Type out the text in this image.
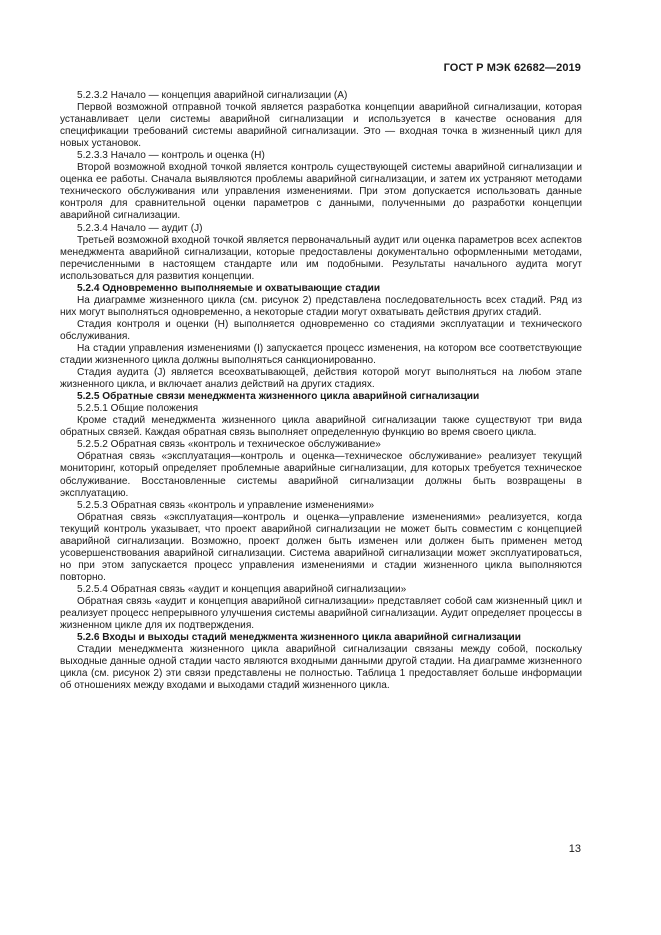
ГОСТ Р МЭК 62682—2019

5.2.3.2 Начало — концепция аварийной сигнализации (А)

Первой возможной отправной точкой является разработка концепции аварийной сигнализации, которая устанавливает цели системы аварийной сигнализации и используется в качестве основания для спецификации требований системы аварийной сигнализации. Это — входная точка в жизненный цикл для новых установок.

5.2.3.3 Начало — контроль и оценка (Н)

Второй возможной входной точкой является контроль существующей системы аварийной сигнализации и оценка ее работы. Сначала выявляются проблемы аварийной сигнализации, и затем их устраняют методами технического обслуживания или управления изменениями. При этом допускается использовать данные контроля для сравнительной оценки параметров с данными, полученными до разработки концепции аварийной сигнализации.

5.2.3.4 Начало — аудит (J)

Третьей возможной входной точкой является первоначальный аудит или оценка параметров всех аспектов менеджмента аварийной сигнализации, которые предоставлены документально оформленными методами, перечисленными в настоящем стандарте или им подобными. Результаты начального аудита могут использоваться для развития концепции.

5.2.4 Одновременно выполняемые и охватывающие стадии

На диаграмме жизненного цикла (см. рисунок 2) представлена последовательность всех стадий. Ряд из них могут выполняться одновременно, а некоторые стадии могут охватывать действия других стадий.

Стадия контроля и оценки (Н) выполняется одновременно со стадиями эксплуатации и технического обслуживания.

На стадии управления изменениями (I) запускается процесс изменения, на котором все соответствующие стадии жизненного цикла должны выполняться санкционированно.

Стадия аудита (J) является всеохватывающей, действия которой могут выполняться на любом этапе жизненного цикла, и включает анализ действий на других стадиях.

5.2.5 Обратные связи менеджмента жизненного цикла аварийной сигнализации

5.2.5.1 Общие положения

Кроме стадий менеджмента жизненного цикла аварийной сигнализации также существуют три вида обратных связей. Каждая обратная связь выполняет определенную функцию во время своего цикла.

5.2.5.2 Обратная связь «контроль и техническое обслуживание»

Обратная связь «эксплуатация—контроль и оценка—техническое обслуживание» реализует текущий мониторинг, который определяет проблемные аварийные сигнализации, для которых требуется техническое обслуживание. Восстановленные системы аварийной сигнализации должны быть возвращены в эксплуатацию.

5.2.5.3 Обратная связь «контроль и управление изменениями»

Обратная связь «эксплуатация—контроль и оценка—управление изменениями» реализуется, когда текущий контроль указывает, что проект аварийной сигнализации не может быть совместим с концепцией аварийной сигнализации. Возможно, проект должен быть изменен или должен быть применен метод усовершенствования аварийной сигнализации. Система аварийной сигнализации может эксплуатироваться, но при этом запускается процесс управления изменениями и стадии жизненного цикла выполняются повторно.

5.2.5.4 Обратная связь «аудит и концепция аварийной сигнализации»

Обратная связь «аудит и концепция аварийной сигнализации» представляет собой сам жизненный цикл и реализует процесс непрерывного улучшения системы аварийной сигнализации. Аудит определяет процессы в жизненном цикле для их подтверждения.

5.2.6 Входы и выходы стадий менеджмента жизненного цикла аварийной сигнализации

Стадии менеджмента жизненного цикла аварийной сигнализации связаны между собой, поскольку выходные данные одной стадии часто являются входными данными другой стадии. На диаграмме жизненного цикла (см. рисунок 2) эти связи представлены не полностью. Таблица 1 предоставляет больше информации об отношениях между входами и выходами стадий жизненного цикла.

13
